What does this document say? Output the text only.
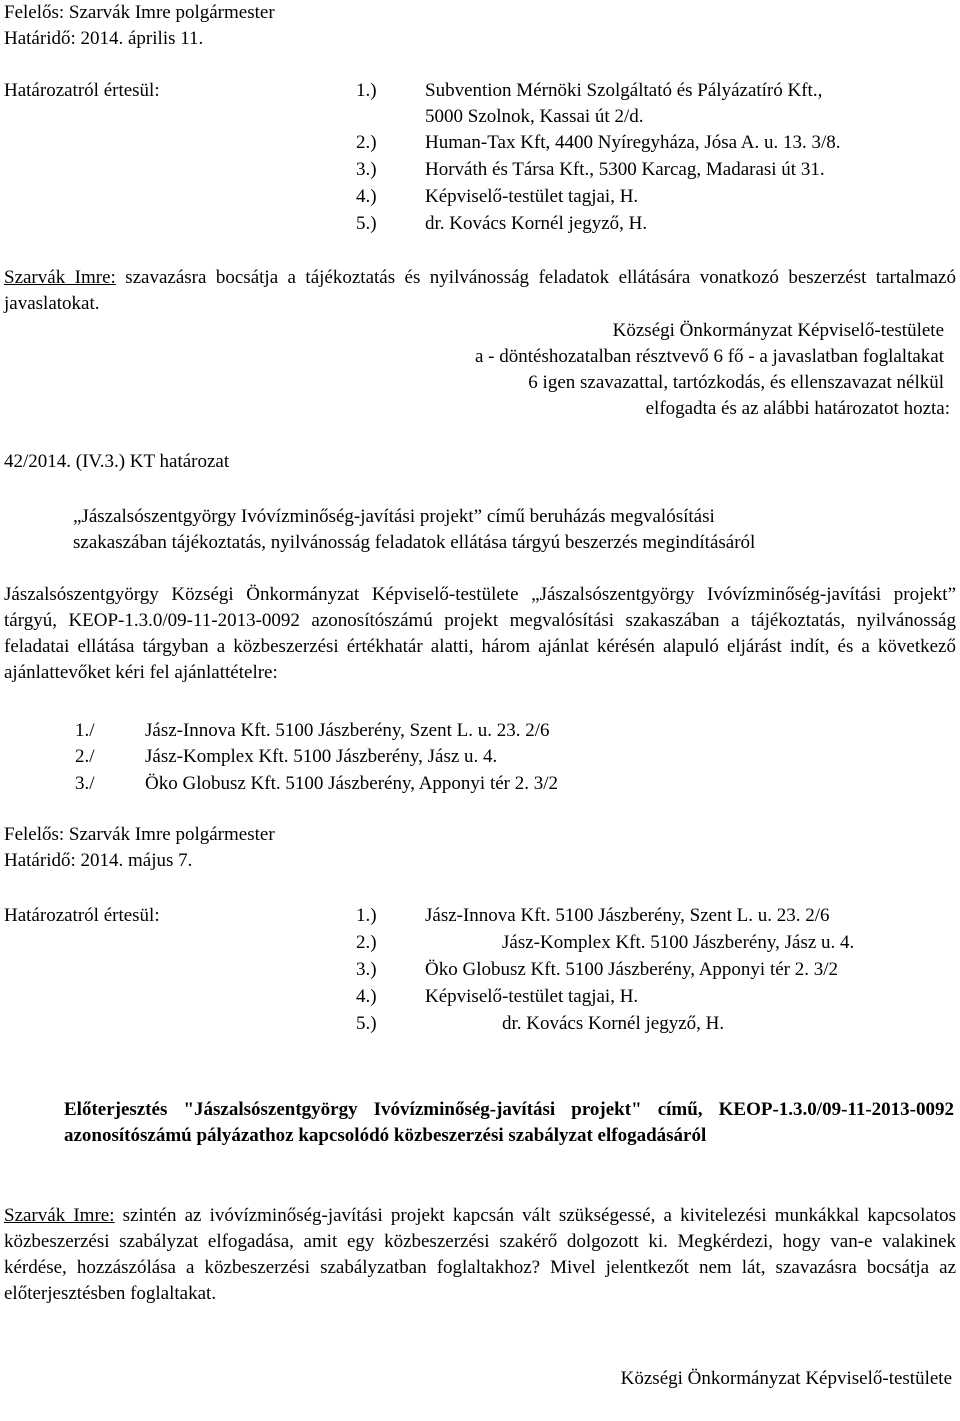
Felelős: Szarvák Imre polgármester
Határidő: 2014. április 11.
Határozatról értesül:	1.)	Subvention Mérnöki Szolgáltató és Pályázatíró Kft.,
5000 Szolnok, Kassai út 2/d.
2.)	Human-Tax Kft, 4400 Nyíregyháza, Jósa A. u. 13. 3/8.
3.)	Horváth és Társa Kft., 5300 Karcag, Madarasi út 31.
4.)	Képviselő-testület tagjai, H.
5.)	dr. Kovács Kornél jegyző, H.
Szarvák Imre: szavazásra bocsátja a tájékoztatás és nyilvánosság feladatok ellátására vonatkozó beszerzést tartalmazó javaslatokat.
Községi Önkormányzat Képviselő-testülete
a - döntéshozatalban résztvevő 6 fő - a javaslatban foglaltakat
6 igen szavazattal, tartózkodás, és ellenszavazat nélkül
elfogadta és az alábbi határozatot hozta:
42/2014. (IV.3.) KT határozat
„Jászalsószentgyörgy Ivóvízminőség-javítási projekt” című beruházás megvalósítási
szakaszában tájékoztatás, nyilvánosság feladatok ellátása tárgyú beszerzés megindításáról
Jászalsószentgyörgy Községi Önkormányzat Képviselő-testülete „Jászalsószentgyörgy Ivóvízminőség-javítási projekt” tárgyú, KEOP-1.3.0/09-11-2013-0092 azonosítószámú projekt megvalósítási szakaszában a tájékoztatás, nyilvánosság feladatai ellátása tárgyban a közbeszerzési értékhatár alatti, három ajánlat kérésén alapuló eljárást indít, és a következő ajánlattevőket kéri fel ajánlattételre:
1./	Jász-Innova Kft. 5100 Jászberény, Szent L. u. 23. 2/6
2./	Jász-Komplex Kft. 5100 Jászberény, Jász u. 4.
3./	Öko Globusz Kft. 5100 Jászberény, Apponyi tér 2. 3/2
Felelős: Szarvák Imre polgármester
Határidő: 2014. május 7.
Határozatról értesül:	1.)	Jász-Innova Kft. 5100 Jászberény, Szent L. u. 23. 2/6
2.)	Jász-Komplex Kft. 5100 Jászberény, Jász u. 4.
3.)	Öko Globusz Kft. 5100 Jászberény, Apponyi tér 2. 3/2
4.)	Képviselő-testület tagjai, H.
5.)	dr. Kovács Kornél jegyző, H.
Előterjesztés "Jászalsószentgyörgy Ivóvízminőség-javítási projekt" című, KEOP-1.3.0/09-11-2013-0092 azonosítószámú pályázathoz kapcsolódó közbeszerzési szabályzat elfogadásáról
Szarvák Imre: szintén az ivóvízminőség-javítási projekt kapcsán vált szükségessé, a kivitelezési munkákkal kapcsolatos közbeszerzési szabályzat elfogadása, amit egy közbeszerzési szakérő dolgozott ki. Megkérdezi, hogy van-e valakinek kérdése, hozzászólása a közbeszerzési szabályzatban foglaltakhoz? Mivel jelentkezőt nem lát, szavazásra bocsátja az előterjesztésben foglaltakat.
Községi Önkormányzat Képviselő-testülete
